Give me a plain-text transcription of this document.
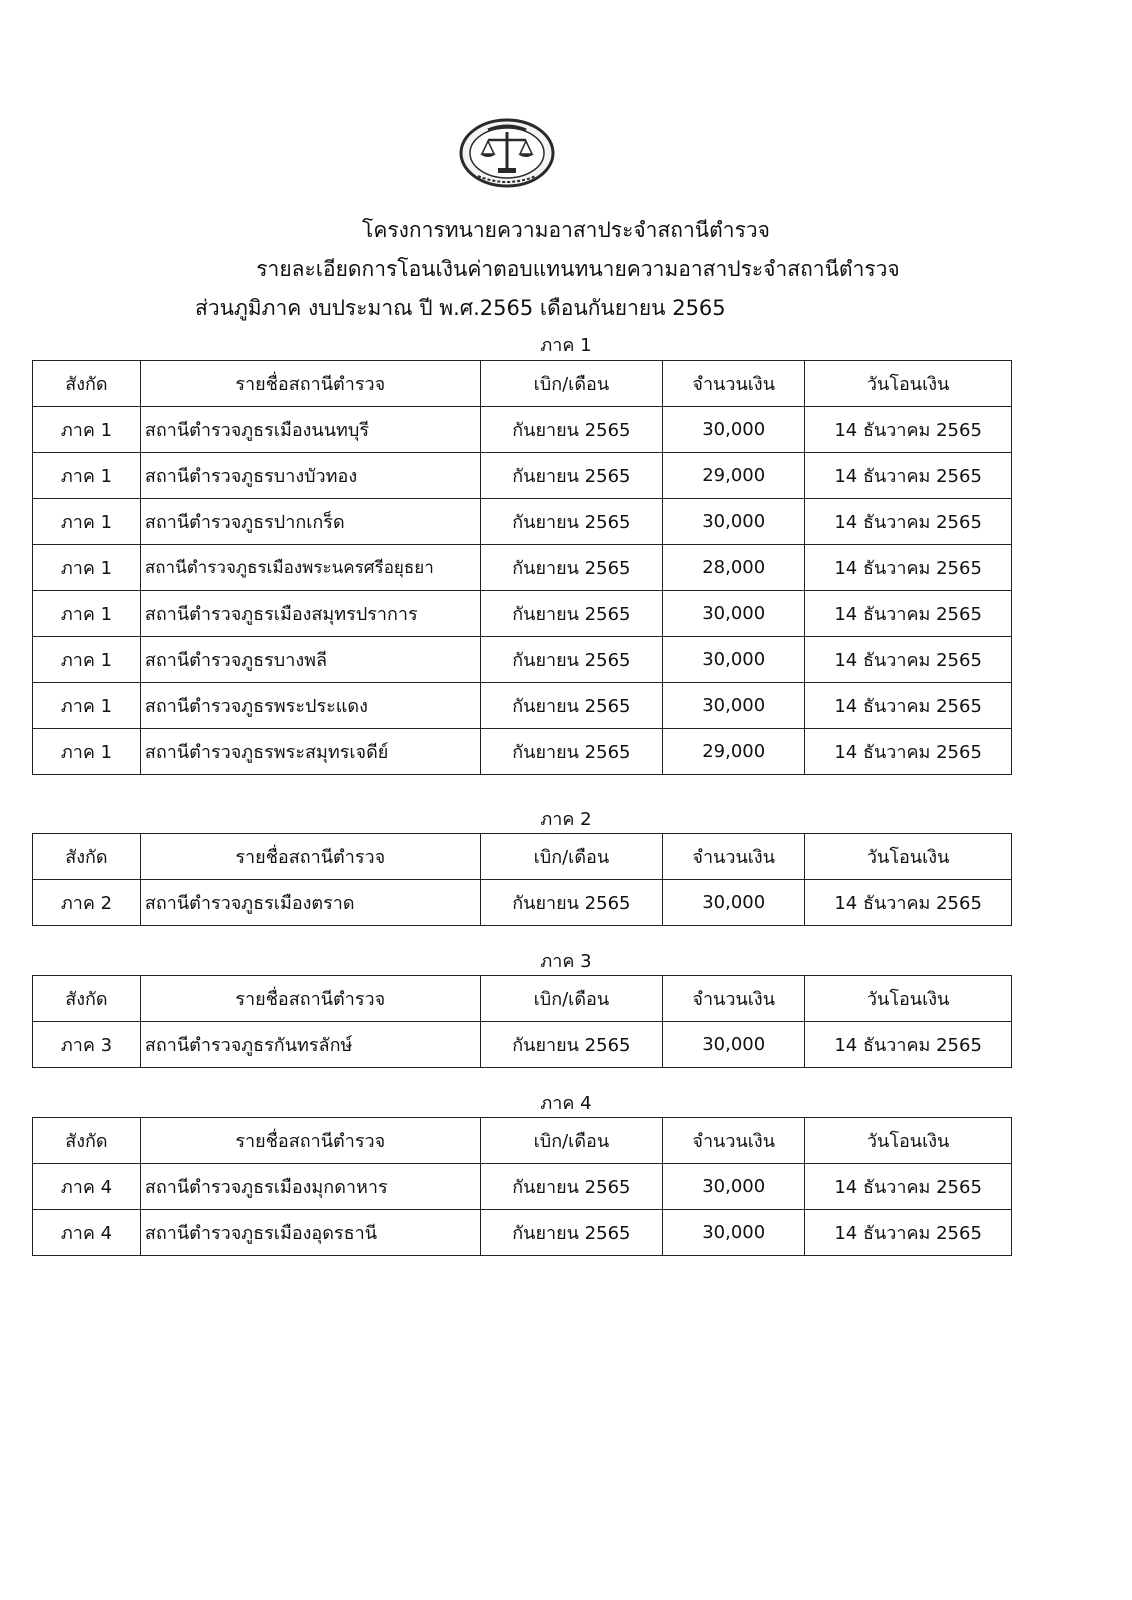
โครงการทนายความอาสาประจำสถานีตำรวจ
รายละเอียดการโอนเงินค่าตอบแทนทนายความอาสาประจำสถานีตำรวจ
ส่วนภูมิภาค งบประมาณ ปี พ.ศ.2565 เดือนกันยายน 2565
ภาค 1
สังกัด	รายชื่อสถานีตำรวจ	เบิก/เดือน	จำนวนเงิน	วันโอนเงิน
ภาค 1	สถานีตำรวจภูธรเมืองนนทบุรี	กันยายน 2565	30,000	14 ธันวาคม 2565
ภาค 1	สถานีตำรวจภูธรบางบัวทอง	กันยายน 2565	29,000	14 ธันวาคม 2565
ภาค 1	สถานีตำรวจภูธรปากเกร็ด	กันยายน 2565	30,000	14 ธันวาคม 2565
ภาค 1	สถานีตำรวจภูธรเมืองพระนครศรีอยุธยา	กันยายน 2565	28,000	14 ธันวาคม 2565
ภาค 1	สถานีตำรวจภูธรเมืองสมุทรปราการ	กันยายน 2565	30,000	14 ธันวาคม 2565
ภาค 1	สถานีตำรวจภูธรบางพลี	กันยายน 2565	30,000	14 ธันวาคม 2565
ภาค 1	สถานีตำรวจภูธรพระประแดง	กันยายน 2565	30,000	14 ธันวาคม 2565
ภาค 1	สถานีตำรวจภูธรพระสมุทรเจดีย์	กันยายน 2565	29,000	14 ธันวาคม 2565
ภาค 2
สังกัด	รายชื่อสถานีตำรวจ	เบิก/เดือน	จำนวนเงิน	วันโอนเงิน
ภาค 2	สถานีตำรวจภูธรเมืองตราด	กันยายน 2565	30,000	14 ธันวาคม 2565
ภาค 3
สังกัด	รายชื่อสถานีตำรวจ	เบิก/เดือน	จำนวนเงิน	วันโอนเงิน
ภาค 3	สถานีตำรวจภูธรกันทรลักษ์	กันยายน 2565	30,000	14 ธันวาคม 2565
ภาค 4
สังกัด	รายชื่อสถานีตำรวจ	เบิก/เดือน	จำนวนเงิน	วันโอนเงิน
ภาค 4	สถานีตำรวจภูธรเมืองมุกดาหาร	กันยายน 2565	30,000	14 ธันวาคม 2565
ภาค 4	สถานีตำรวจภูธรเมืองอุดรธานี	กันยายน 2565	30,000	14 ธันวาคม 2565
